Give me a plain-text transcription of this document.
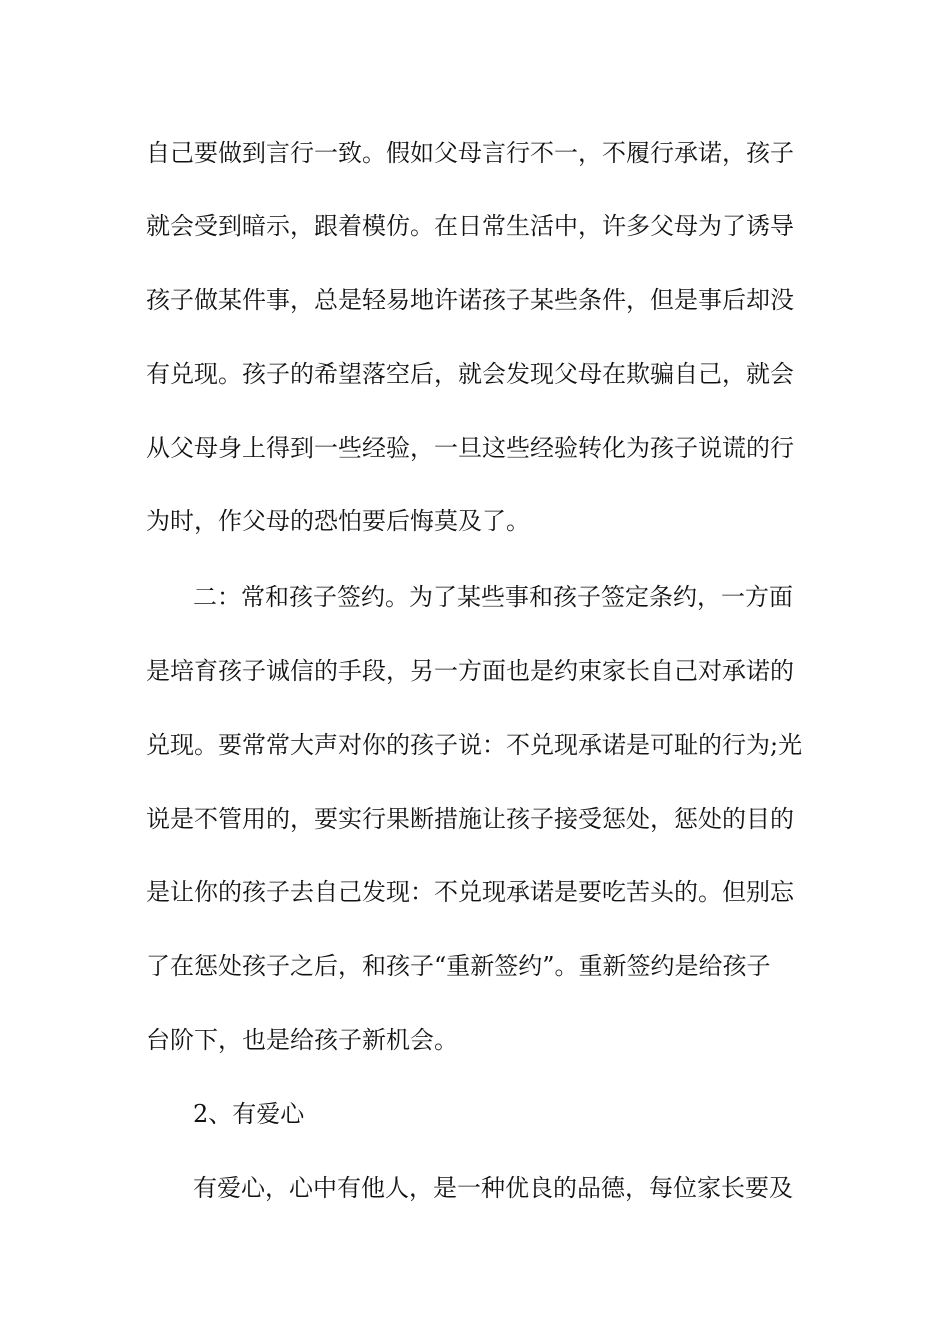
自己要做到言行一致。假如父母言行不一，不履行承诺，孩子
就会受到暗示，跟着模仿。在日常生活中，许多父母为了诱导
孩子做某件事，总是轻易地许诺孩子某些条件，但是事后却没
有兑现。孩子的希望落空后，就会发现父母在欺骗自己，就会
从父母身上得到一些经验，一旦这些经验转化为孩子说谎的行
为时，作父母的恐怕要后悔莫及了。
二：常和孩子签约。为了某些事和孩子签定条约，一方面
是培育孩子诚信的手段，另一方面也是约束家长自己对承诺的
兑现。要常常大声对你的孩子说：不兑现承诺是可耻的行为;光
说是不管用的，要实行果断措施让孩子接受惩处，惩处的目的
是让你的孩子去自己发现：不兑现承诺是要吃苦头的。但别忘
了在惩处孩子之后，和孩子“重新签约”。重新签约是给孩子
台阶下，也是给孩子新机会。
2、有爱心
有爱心，心中有他人，是一种优良的品德，每位家长要及
